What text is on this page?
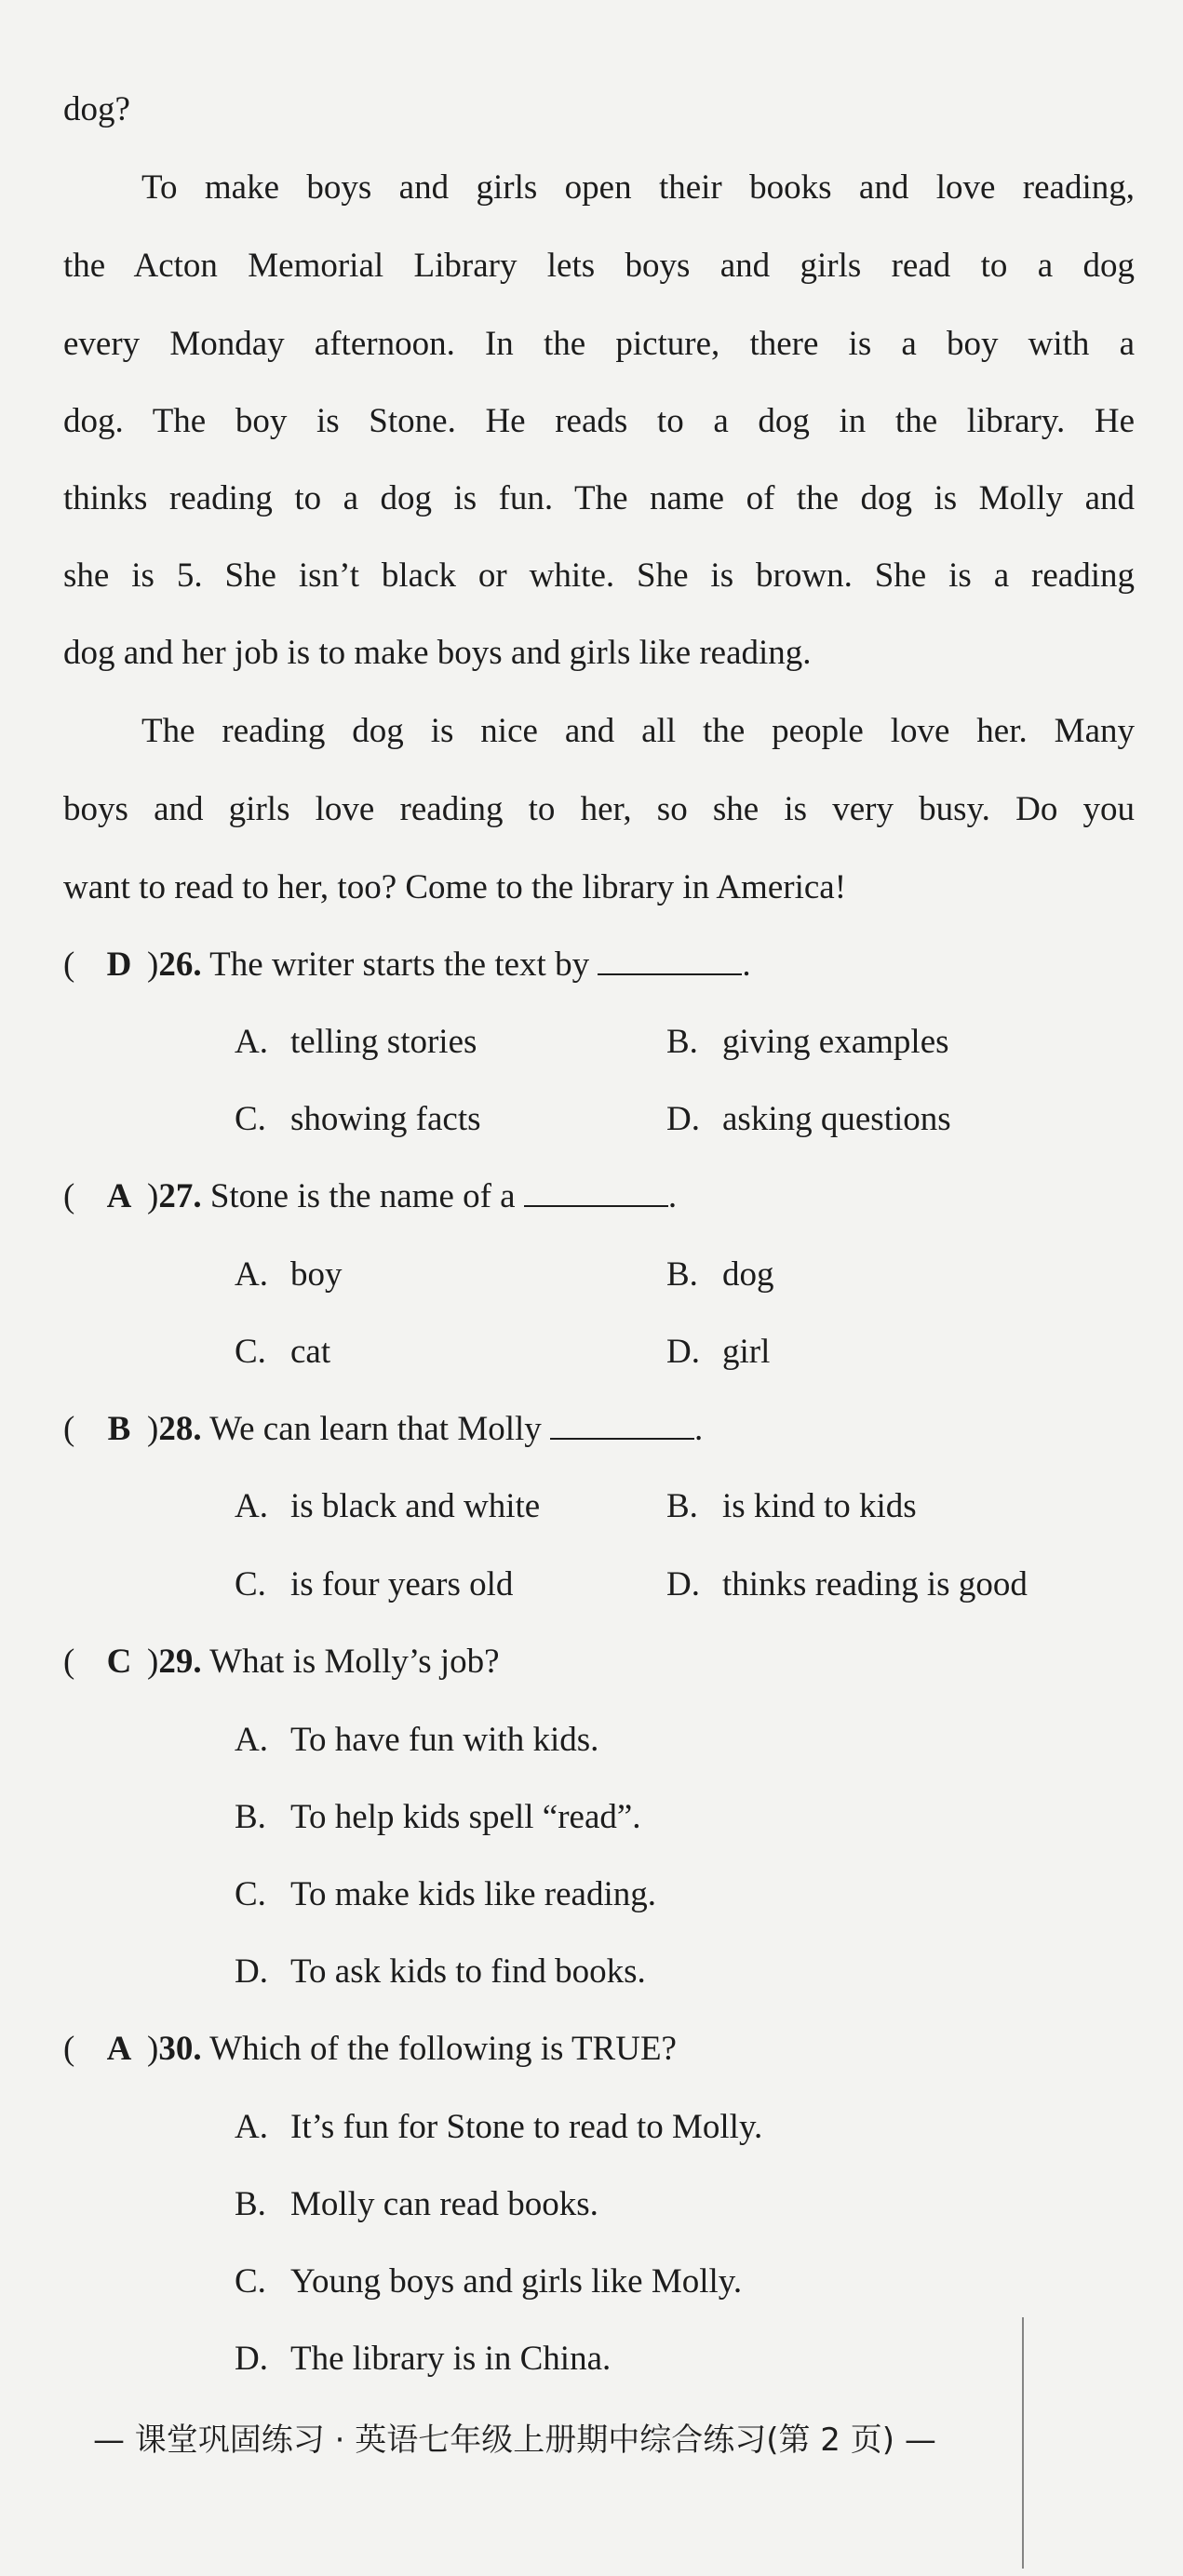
dog?
To make boys and girls open their books and love reading,
the Acton Memorial Library lets boys and girls read to a dog
every Monday afternoon. In the picture, there is a boy with a
dog. The boy is Stone. He reads to a dog in the library. He
thinks reading to a dog is fun. The name of the dog is Molly and
she is 5. She isn’t black or white. She is brown. She is a reading
dog and her job is to make boys and girls like reading.
The reading dog is nice and all the people love her. Many
boys and girls love reading to her, so she is very busy. Do you
want to read to her, too? Come to the library in America!
( D )26. The writer starts the text by	.
A. telling stories	B. giving examples
C. showing facts	D. asking questions
( A )27. Stone is the name of a	.
A. boy	B. dog
C. cat	D. girl
( B )28. We can learn that Molly	.
A. is black and white	B. is kind to kids
C. is four years old	D. thinks reading is good
( C )29. What is Molly’s job?
A. To have fun with kids.
B. To help kids spell “read”.
C. To make kids like reading.
D. To ask kids to find books.
( A )30. Which of the following is TRUE?
A. It’s fun for Stone to read to Molly.
B. Molly can read books.
C. Young boys and girls like Molly.
D. The library is in China.
— 课堂巩固练习 · 英语七年级上册期中综合练习(第 2 页) —
